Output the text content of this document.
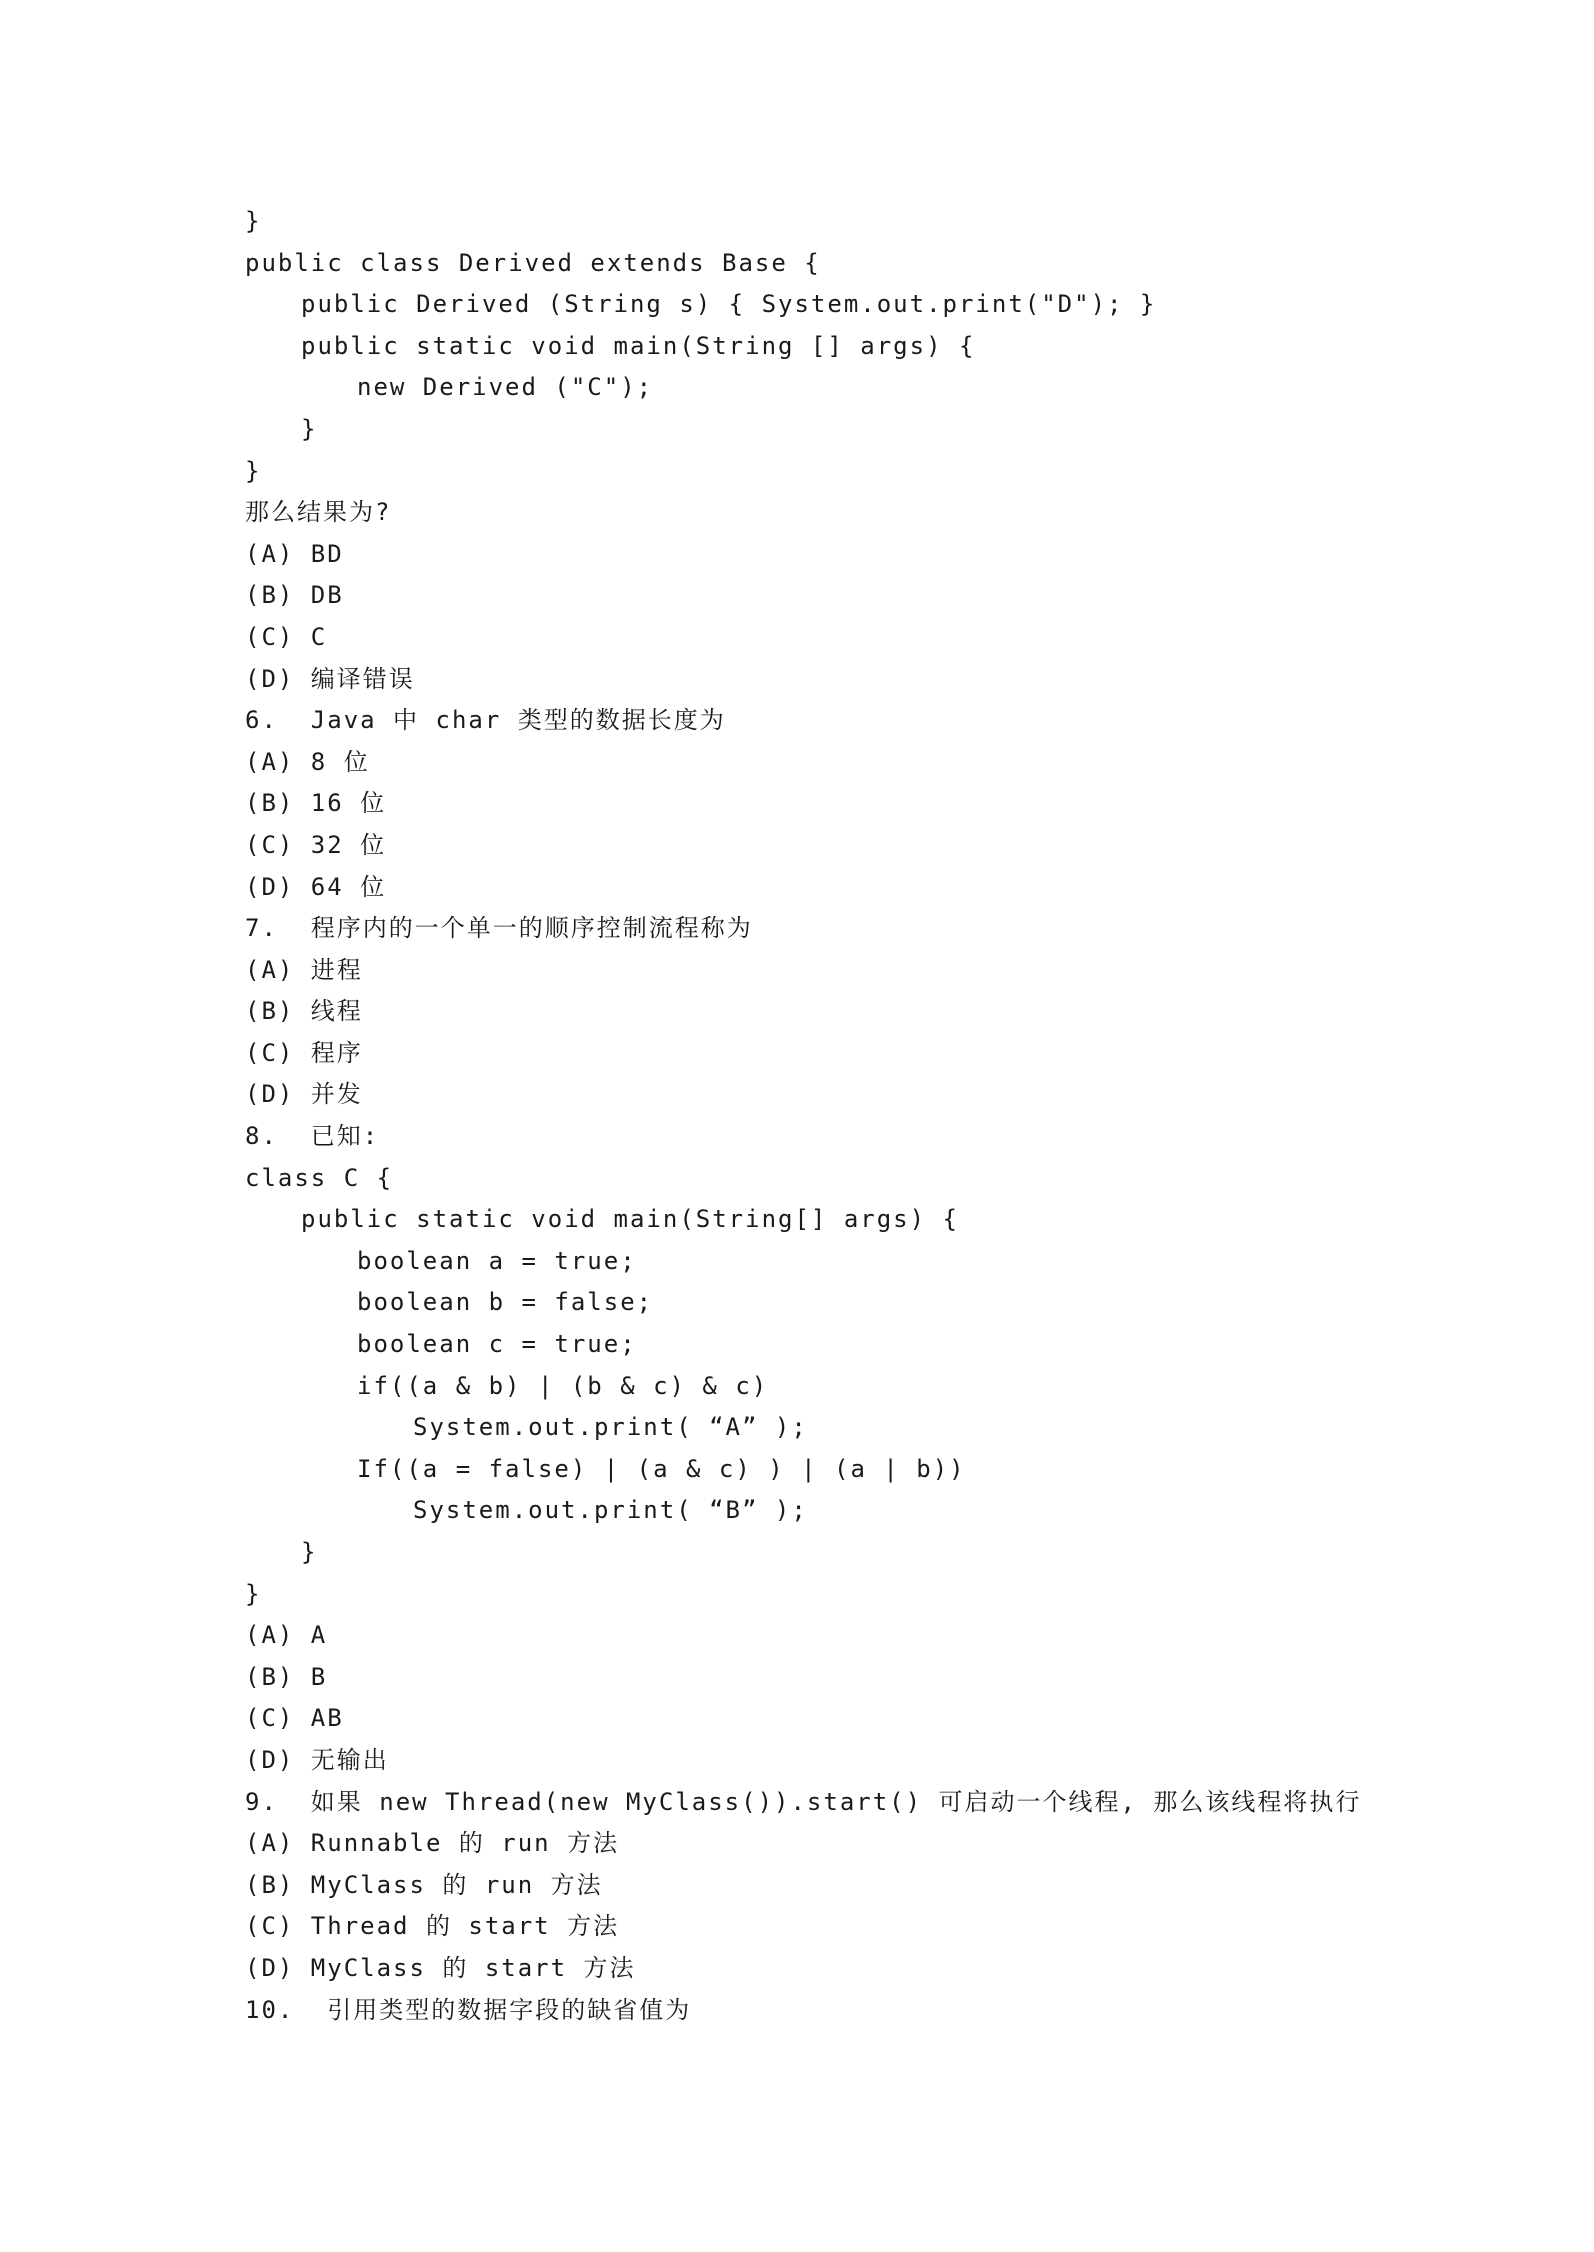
}
public class Derived extends Base {
public Derived (String s) { System.out.print("D"); }
public static void main(String [] args) {
new Derived ("C");
}
}
那么结果为?
(A) BD
(B) DB
(C) C
(D) 编译错误
6.  Java 中 char 类型的数据长度为
(A) 8 位
(B) 16 位
(C) 32 位
(D) 64 位
7.  程序内的一个单一的顺序控制流程称为
(A) 进程
(B) 线程
(C) 程序
(D) 并发
8.  已知:
class C {
public static void main(String[] args) {
boolean a = true;
boolean b = false;
boolean c = true;
if((a & b) | (b & c) & c)
System.out.print( “A” );
If((a = false) | (a & c) ) | (a | b))
System.out.print( “B” );
}
}
(A) A
(B) B
(C) AB
(D) 无输出
9.  如果 new Thread(new MyClass()).start() 可启动一个线程, 那么该线程将执行
(A) Runnable 的 run 方法
(B) MyClass 的 run 方法
(C) Thread 的 start 方法
(D) MyClass 的 start 方法
10.  引用类型的数据字段的缺省值为
